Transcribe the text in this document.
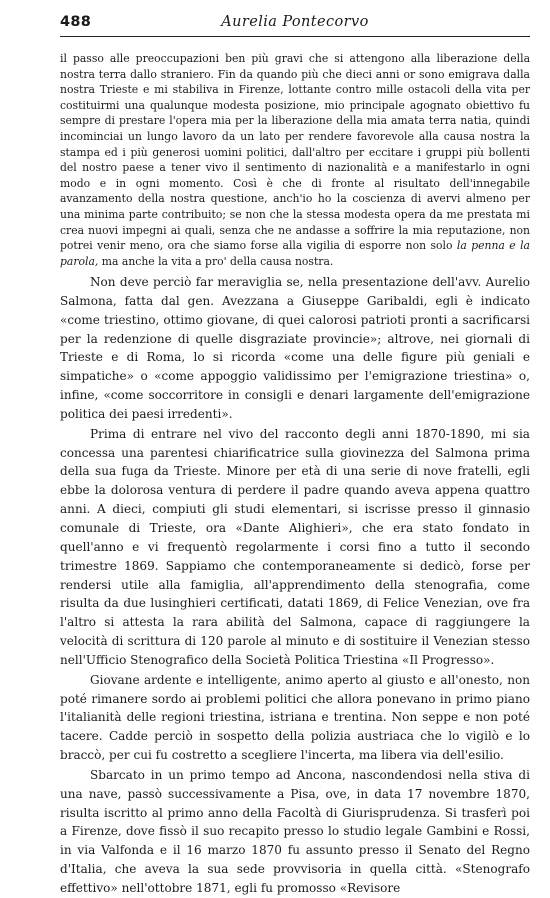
488	Aurelia Pontecorvo

il passo alle preoccupazioni ben più gravi che si attengono alla liberazione della nostra terra dallo straniero. Fin da quando più che dieci anni or sono emigrava dalla nostra Trieste e mi stabiliva in Firenze, lottante contro mille ostacoli della vita per costituirmi una qualunque modesta posizione, mio principale agognato obiettivo fu sempre di prestare l'opera mia per la liberazione della mia amata terra natia, quindi incominciai un lungo lavoro da un lato per rendere favorevole alla causa nostra la stampa ed i più generosi uomini politici, dall'altro per eccitare i gruppi più bollenti del nostro paese a tener vivo il sentimento di nazionalità e a manifestarlo in ogni modo e in ogni momento. Così è che di fronte al risultato dell'innegabile avanzamento della nostra questione, anch'io ho la coscienza di avervi almeno per una minima parte contribuito; se non che la stessa modesta opera da me prestata mi crea nuovi impegni ai quali, senza che ne andasse a soffrire la mia reputazione, non potrei venir meno, ora che siamo forse alla vigilia di esporre non solo la penna e la parola, ma anche la vita a pro' della causa nostra.

Non deve perciò far meraviglia se, nella presentazione dell'avv. Aurelio Salmona, fatta dal gen. Avezzana a Giuseppe Garibaldi, egli è indicato «come triestino, ottimo giovane, di quei calorosi patrioti pronti a sacrificarsi per la redenzione di quelle disgraziate provincie»; altrove, nei giornali di Trieste e di Roma, lo si ricorda «come una delle figure più geniali e simpatiche» o «come appoggio validissimo per l'emigrazione triestina» o, infine, «come soccorritore in consigli e denari largamente dell'emigrazione politica dei paesi irredenti».

Prima di entrare nel vivo del racconto degli anni 1870-1890, mi sia concessa una parentesi chiarificatrice sulla giovinezza del Salmona prima della sua fuga da Trieste. Minore per età di una serie di nove fratelli, egli ebbe la dolorosa ventura di perdere il padre quando aveva appena quattro anni. A dieci, compiuti gli studi elementari, si iscrisse presso il ginnasio comunale di Trieste, ora «Dante Alighieri», che era stato fondato in quell'anno e vi frequentò regolarmente i corsi fino a tutto il secondo trimestre 1869. Sappiamo che contemporaneamente si dedicò, forse per rendersi utile alla famiglia, all'apprendimento della stenografia, come risulta da due lusinghieri certificati, datati 1869, di Felice Venezian, ove fra l'altro si attesta la rara abilità del Salmona, capace di raggiungere la velocità di scrittura di 120 parole al minuto e di sostituire il Venezian stesso nell'Ufficio Stenografico della Società Politica Triestina «Il Progresso».

Giovane ardente e intelligente, animo aperto al giusto e all'onesto, non poté rimanere sordo ai problemi politici che allora ponevano in primo piano l'italianità delle regioni triestina, istriana e trentina. Non seppe e non poté tacere. Cadde perciò in sospetto della polizia austriaca che lo vigilò e lo braccò, per cui fu costretto a scegliere l'incerta, ma libera via dell'esilio.

Sbarcato in un primo tempo ad Ancona, nascondendosi nella stiva di una nave, passò successivamente a Pisa, ove, in data 17 novembre 1870, risulta iscritto al primo anno della Facoltà di Giurisprudenza. Si trasferì poi a Firenze, dove fissò il suo recapito presso lo studio legale Gambini e Rossi, in via Valfonda e il 16 marzo 1870 fu assunto presso il Senato del Regno d'Italia, che aveva la sua sede provvisoria in quella città. «Stenografo effettivo» nell'ottobre 1871, egli fu promosso «Revisore
